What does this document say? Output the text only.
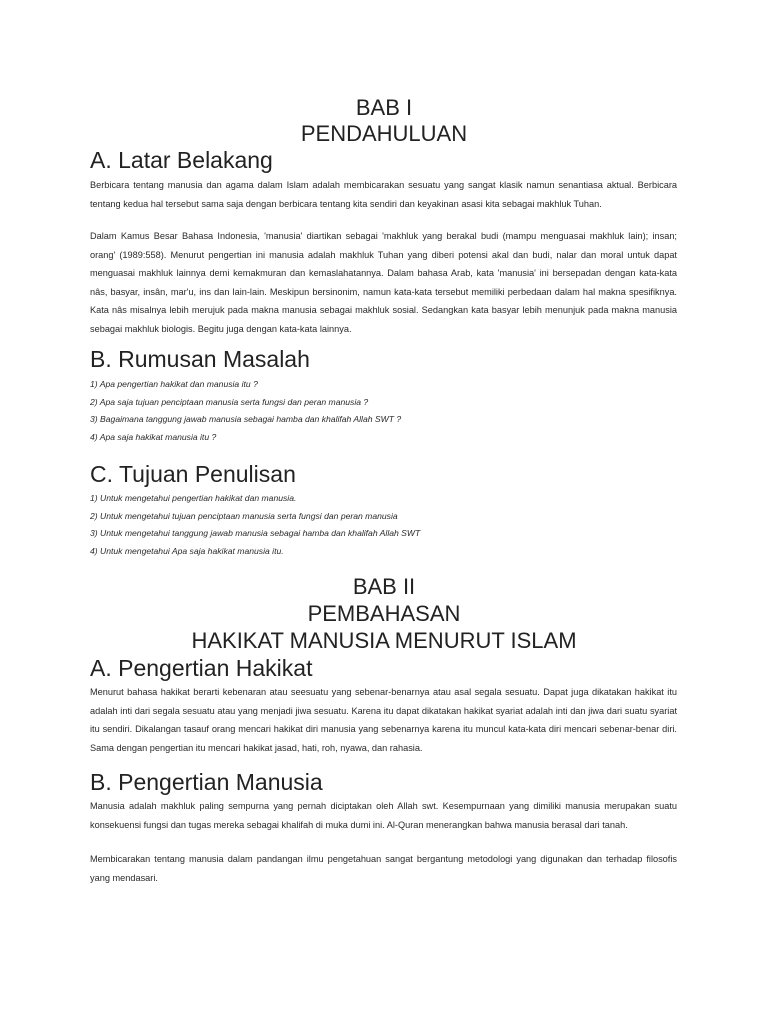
BAB I
PENDAHULUAN
A. Latar Belakang

Berbicara tentang manusia dan agama dalam Islam adalah membicarakan sesuatu yang sangat klasik namun senantiasa aktual. Berbicara tentang kedua hal tersebut sama saja dengan berbicara tentang kita sendiri dan keyakinan asasi kita sebagai makhluk Tuhan.

Dalam Kamus Besar Bahasa Indonesia, 'manusia' diartikan sebagai 'makhluk yang berakal budi (mampu menguasai makhluk lain); insan; orang' (1989:558). Menurut pengertian ini manusia adalah makhluk Tuhan yang diberi potensi akal dan budi, nalar dan moral untuk dapat menguasai makhluk lainnya demi kemakmuran dan kemaslahatannya. Dalam bahasa Arab, kata 'manusia' ini bersepadan dengan kata-kata nâs, basyar, insân, mar'u, ins dan lain-lain. Meskipun bersinonim, namun kata-kata tersebut memiliki perbedaan dalam hal makna spesifiknya. Kata nâs misalnya lebih merujuk pada makna manusia sebagai makhluk sosial. Sedangkan kata basyar lebih menunjuk pada makna manusia sebagai makhluk biologis. Begitu juga dengan kata-kata lainnya.

B. Rumusan Masalah
1) Apa pengertian hakikat dan manusia itu ?
2) Apa saja tujuan penciptaan manusia serta fungsi dan peran manusia ?
3) Bagaimana tanggung jawab manusia sebagai hamba dan khalifah Allah SWT ?
4) Apa saja hakikat manusia itu ?
C. Tujuan Penulisan
1) Untuk mengetahui pengertian hakikat dan manusia.
2) Untuk mengetahui tujuan penciptaan manusia serta fungsi dan peran manusia
3) Untuk mengetahui tanggung jawab manusia sebagai hamba dan khalifah Allah SWT
4) Untuk mengetahui Apa saja hakikat manusia itu.
BAB II
PEMBAHASAN
HAKIKAT MANUSIA MENURUT ISLAM
A. Pengertian Hakikat

Menurut bahasa hakikat berarti kebenaran atau seesuatu yang sebenar-benarnya atau asal segala sesuatu. Dapat juga dikatakan hakikat itu adalah inti dari segala sesuatu atau yang menjadi jiwa sesuatu. Karena itu dapat dikatakan hakikat syariat adalah inti dan jiwa dari suatu syariat itu sendiri. Dikalangan tasauf orang mencari hakikat diri manusia yang sebenarnya karena itu muncul kata-kata diri mencari sebenar-benar diri. Sama dengan pengertian itu mencari hakikat jasad, hati, roh, nyawa, dan rahasia.

B. Pengertian Manusia

Manusia adalah makhluk paling sempurna yang pernah diciptakan oleh Allah swt. Kesempurnaan yang dimiliki manusia merupakan suatu konsekuensi fungsi dan tugas mereka sebagai khalifah di muka dumi ini. Al-Quran menerangkan bahwa manusia berasal dari tanah.

Membicarakan tentang manusia dalam pandangan ilmu pengetahuan sangat bergantung metodologi yang digunakan dan terhadap filosofis yang mendasari.
